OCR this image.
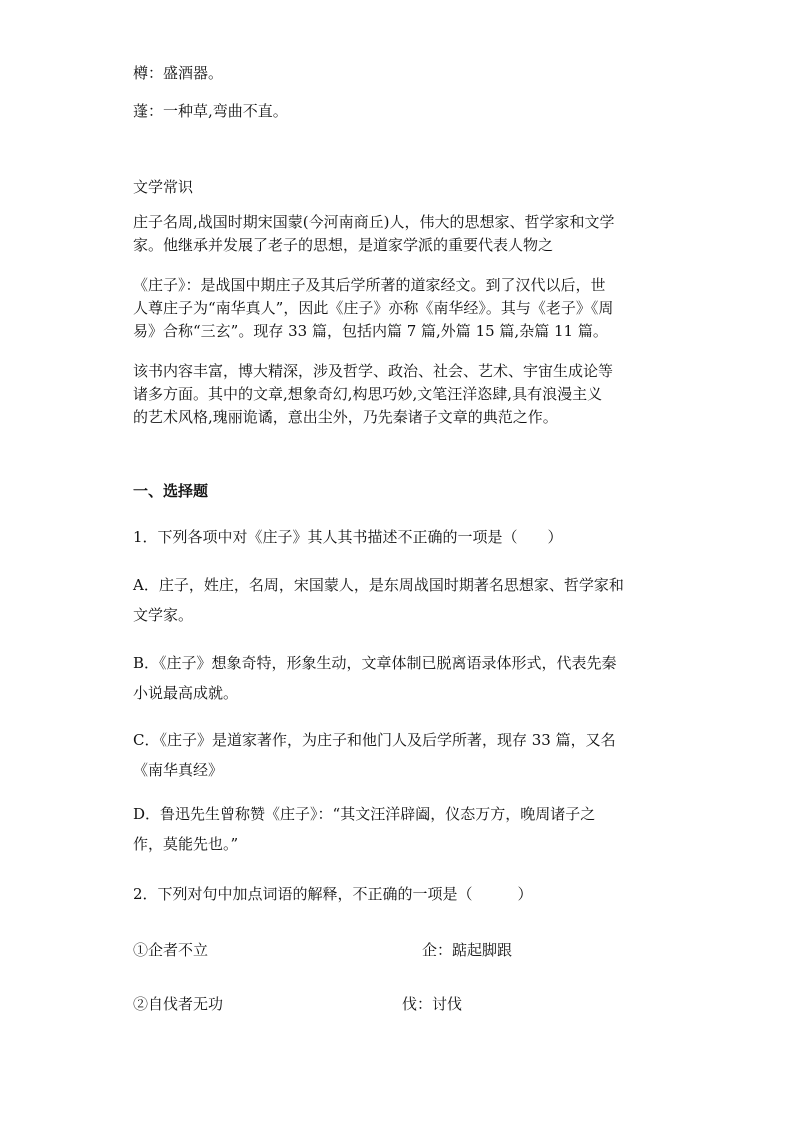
樽：盛酒器。
蓬：一种草,弯曲不直。
文学常识
庄子名周,战国时期宋国蒙(今河南商丘)人，伟大的思想家、哲学家和文学
家。他继承并发展了老子的思想，是道家学派的重要代表人物之
《庄子》：是战国中期庄子及其后学所著的道家经文。到了汉代以后，世
人尊庄子为“南华真人”，因此《庄子》亦称《南华经》。其与《老子》《周
易》合称“三玄”。现存 33 篇，包括内篇 7 篇,外篇 15 篇,杂篇 11 篇。
该书内容丰富，博大精深，涉及哲学、政治、社会、艺术、宇宙生成论等
诸多方面。其中的文章,想象奇幻,构思巧妙,文笔汪洋恣肆,具有浪漫主义
的艺术风格,瑰丽诡谲，意出尘外，乃先秦诸子文章的典范之作。
一、选择题
1．下列各项中对《庄子》其人其书描述不正确的一项是（　　）
A．庄子，姓庄，名周，宋国蒙人，是东周战国时期著名思想家、哲学家和
文学家。
B．《庄子》想象奇特，形象生动，文章体制已脱离语录体形式，代表先秦
小说最高成就。
C．《庄子》是道家著作，为庄子和他门人及后学所著，现存 33 篇，又名
《南华真经》
D．鲁迅先生曾称赞《庄子》：“其文汪洋辟阖，仪态万方，晚周诸子之
作，莫能先也。”
2．下列对句中加点词语的解释，不正确的一项是（　　　）
①企者不立	企：踮起脚跟
②自伐者无功	伐：讨伐
